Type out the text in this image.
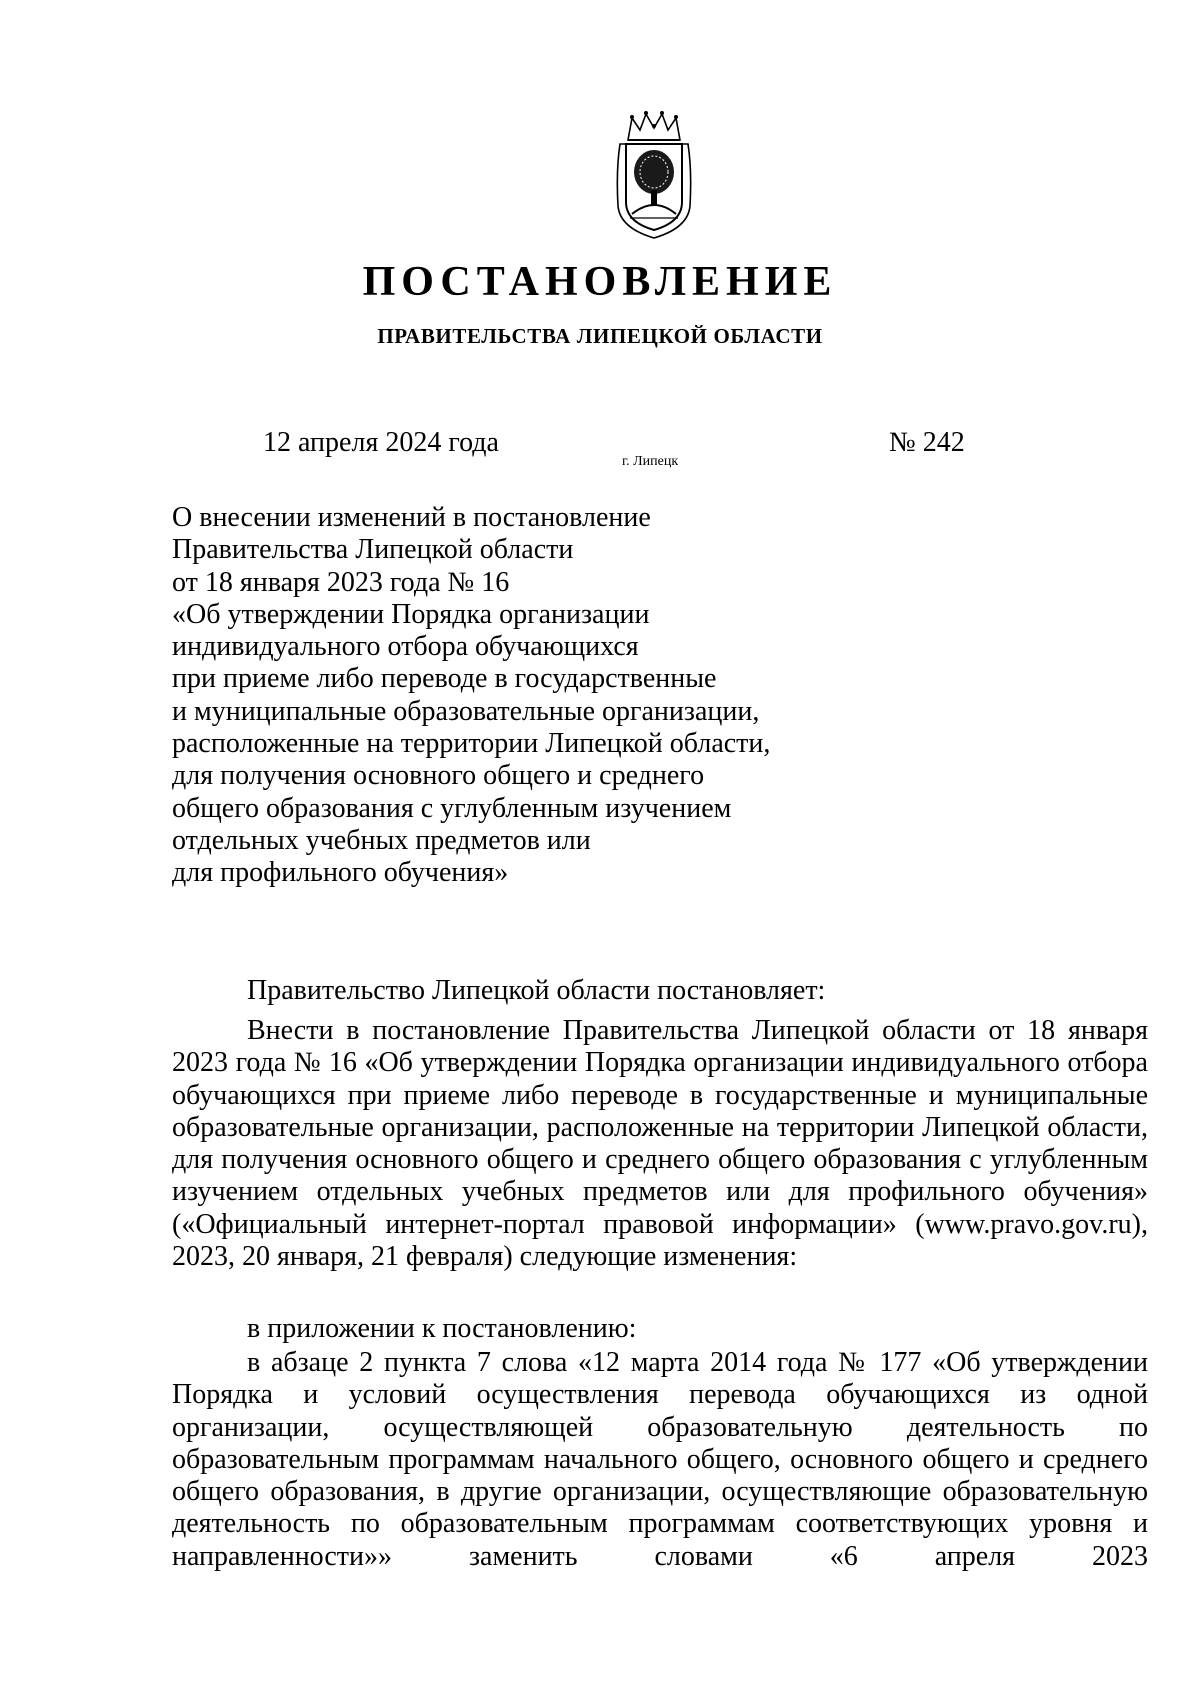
ПОСТАНОВЛЕНИЕ
ПРАВИТЕЛЬСТВА ЛИПЕЦКОЙ ОБЛАСТИ
12 апреля 2024 года
г. Липецк
№ 242
О внесении изменений в постановление
Правительства Липецкой области
от 18 января 2023 года № 16
«Об утверждении Порядка организации
индивидуального отбора обучающихся
при приеме либо переводе в государственные
и муниципальные образовательные организации,
расположенные на территории Липецкой области,
для получения основного общего и среднего
общего образования с углубленным изучением
отдельных учебных предметов или
для профильного обучения»

Правительство Липецкой области постановляет:

Внести в постановление Правительства Липецкой области от 18 января 2023 года № 16 «Об утверждении Порядка организации индивидуального отбора обучающихся при приеме либо переводе в государственные и муниципальные образовательные организации, расположенные на территории Липецкой области, для получения основного общего и среднего общего образования с углубленным изучением отдельных учебных предметов или для профильного обучения» («Официальный интернет-портал правовой информации» (www.pravo.gov.ru), 2023, 20 января, 21 февраля) следующие изменения:

в приложении к постановлению:

в абзаце 2 пункта 7 слова «12 марта 2014 года № 177 «Об утверждении Порядка и условий осуществления перевода обучающихся из одной организации, осуществляющей образовательную деятельность по образовательным программам начального общего, основного общего и среднего общего образования, в другие организации, осуществляющие образовательную деятельность по образовательным программам соответствующих уровня и направленности»» заменить словами «6 апреля 2023
